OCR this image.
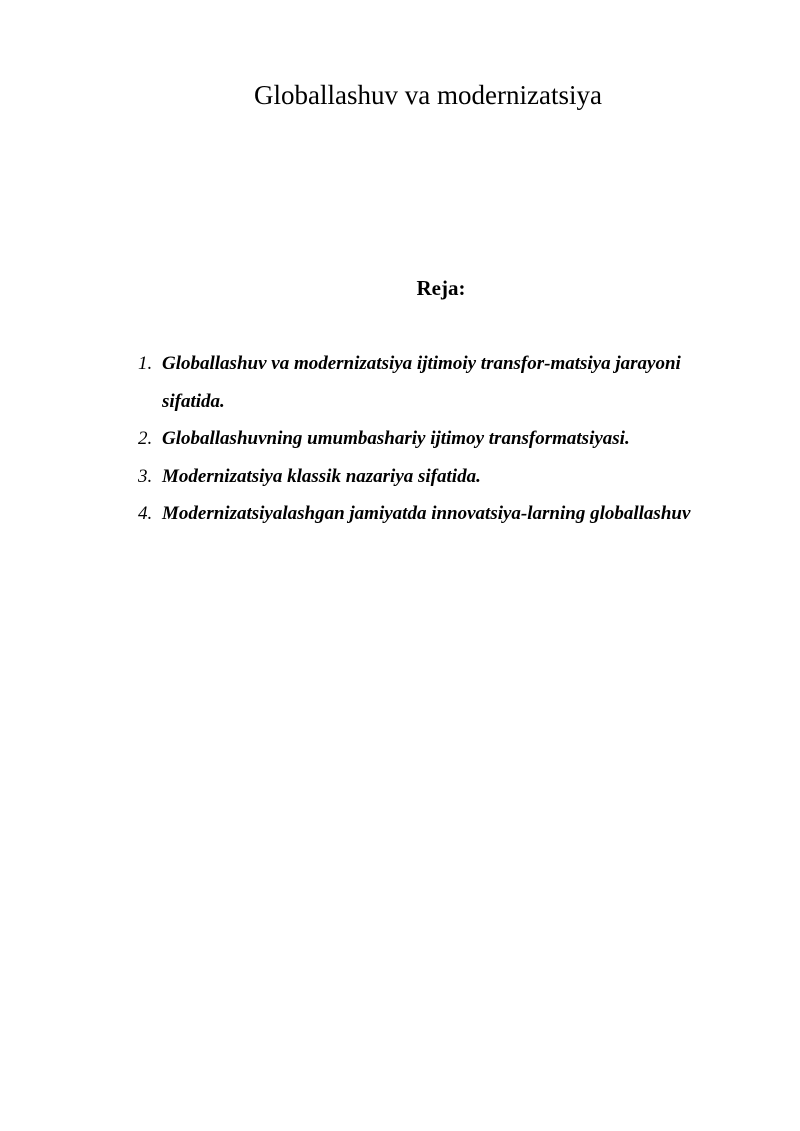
Globallashuv va modernizatsiya
Reja:
1. Globallashuv va modernizatsiya ijtimoiy transfor-matsiya jarayoni sifatida.
2. Globallashuvning umumbashariy ijtimoy transformatsiyasi.
3. Modernizatsiya klassik nazariya sifatida.
4. Modernizatsiyalashgan jamiyatda innovatsiya-larning globallashuv
